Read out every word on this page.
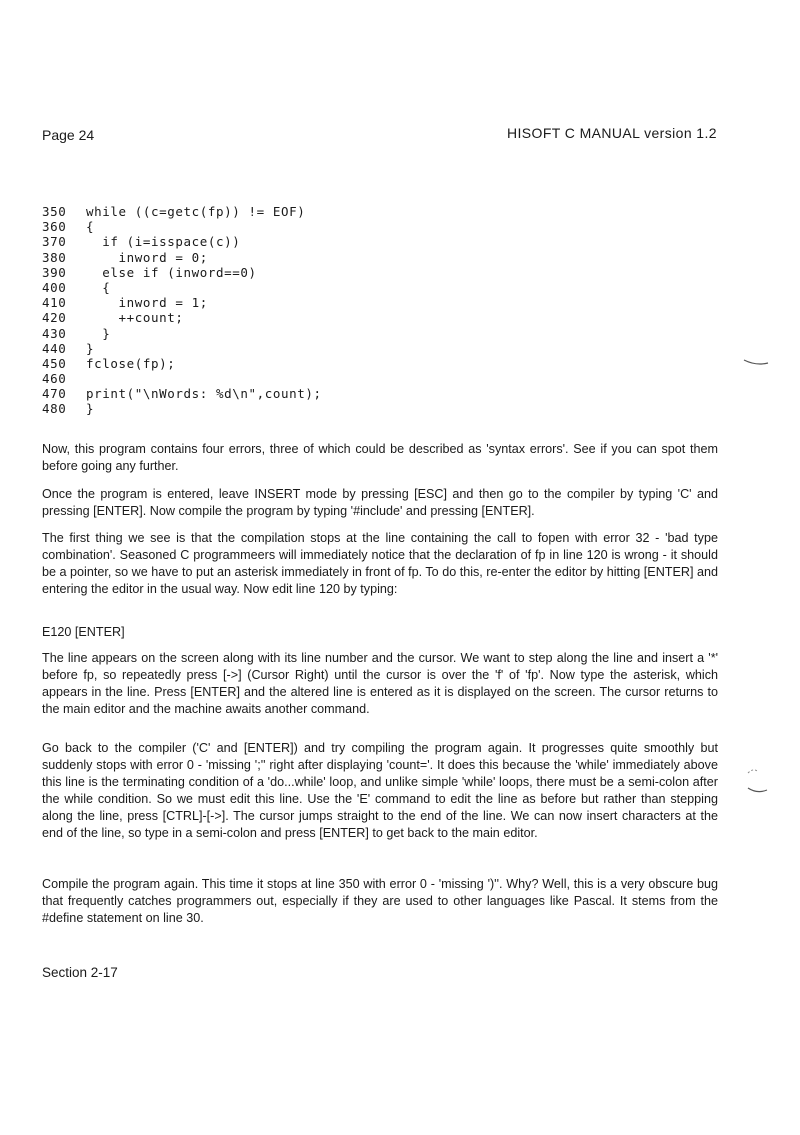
Page 24	HISOFT C MANUAL version 1.2
350 while ((c=getc(fp)) != EOF)
360 {
370  if (i=isspace(c))
380    inword = 0;
390  else if (inword==0)
400  {
410    inword = 1;
420    ++count;
430  }
440 }
450 fclose(fp);
460
470 print("\nWords: %d\n",count);
480 }

Now, this program contains four errors, three of which could be described as 'syntax errors'. See if you can spot them before going any further.

Once the program is entered, leave INSERT mode by pressing [ESC] and then go to the compiler by typing 'C' and pressing [ENTER]. Now compile the program by typing '#include' and pressing [ENTER].

The first thing we see is that the compilation stops at the line containing the call to fopen with error 32 - 'bad type combination'. Seasoned C programmeers will immediately notice that the declaration of fp in line 120 is wrong - it should be a pointer, so we have to put an asterisk immediately in front of fp. To do this, re-enter the editor by hitting [ENTER] and entering the editor in the usual way. Now edit line 120 by typing:

E120 [ENTER]

The line appears on the screen along with its line number and the cursor. We want to step along the line and insert a '*' before fp, so repeatedly press [->] (Cursor Right) until the cursor is over the 'f' of 'fp'. Now type the asterisk, which appears in the line. Press [ENTER] and the altered line is entered as it is displayed on the screen. The cursor returns to the main editor and the machine awaits another command.

Go back to the compiler ('C' and [ENTER]) and try compiling the program again. It progresses quite smoothly but suddenly stops with error 0 - 'missing ';'' right after displaying 'count='. It does this because the 'while' immediately above this line is the terminating condition of a 'do...while' loop, and unlike simple 'while' loops, there must be a semi-colon after the while condition. So we must edit this line. Use the 'E' command to edit the line as before but rather than stepping along the line, press [CTRL]-[->]. The cursor jumps straight to the end of the line. We can now insert characters at the end of the line, so type in a semi-colon and press [ENTER] to get back to the main editor.

Compile the program again. This time it stops at line 350 with error 0 - 'missing ')''. Why? Well, this is a very obscure bug that frequently catches programmers out, especially if they are used to other languages like Pascal. It stems from the #define statement on line 30.

Section 2-17
